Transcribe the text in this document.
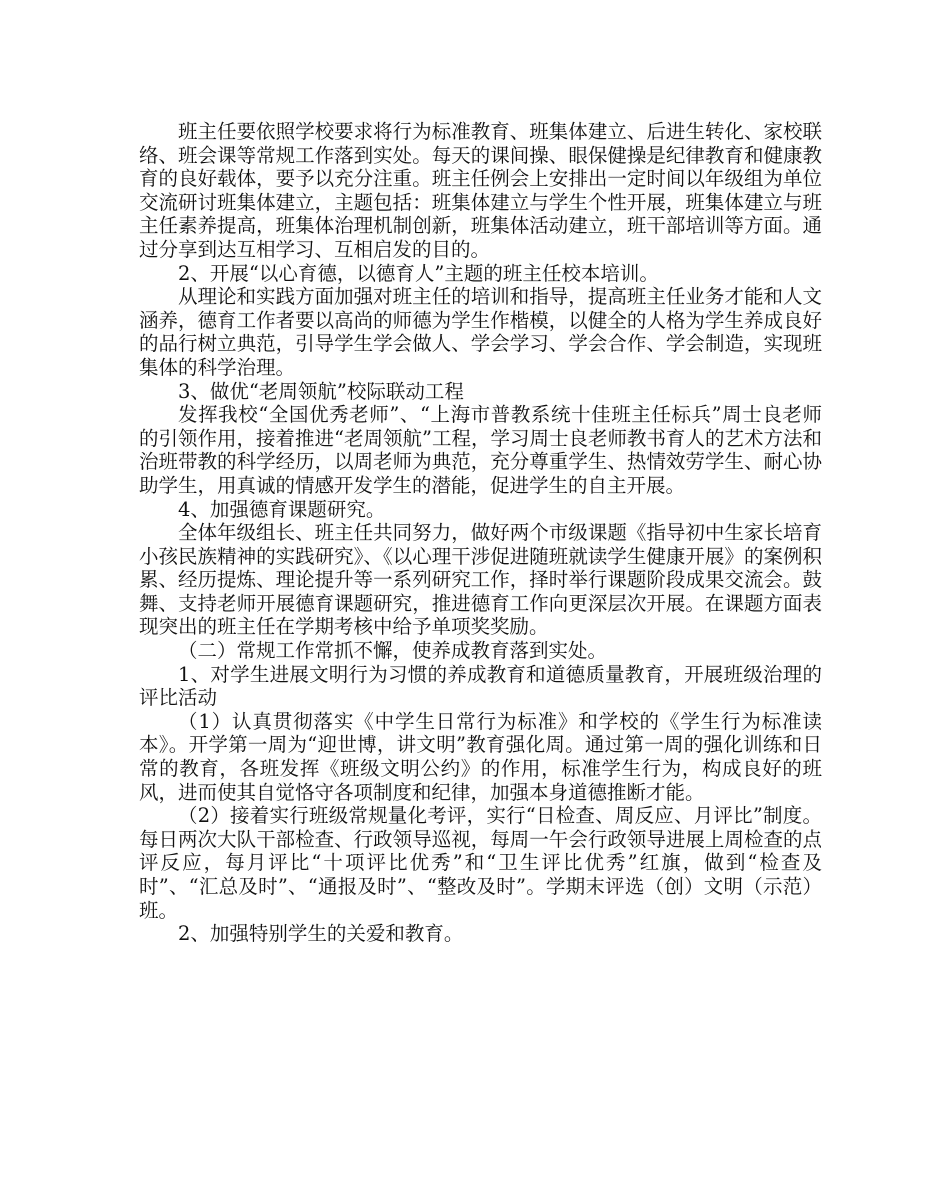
班主任要依照学校要求将行为标准教育、班集体建立、后进生转化、家校联络、班会课等常规工作落到实处。每天的课间操、眼保健操是纪律教育和健康教育的良好载体，要予以充分注重。班主任例会上安排出一定时间以年级组为单位交流研讨班集体建立，主题包括：班集体建立与学生个性开展，班集体建立与班主任素养提高，班集体治理机制创新，班集体活动建立，班干部培训等方面。通过分享到达互相学习、互相启发的目的。

2、开展“以心育德，以德育人”主题的班主任校本培训。

从理论和实践方面加强对班主任的培训和指导，提高班主任业务才能和人文涵养，德育工作者要以高尚的师德为学生作楷模，以健全的人格为学生养成良好的品行树立典范，引导学生学会做人、学会学习、学会合作、学会制造，实现班集体的科学治理。

3、做优“老周领航”校际联动工程

发挥我校“全国优秀老师”、“上海市普教系统十佳班主任标兵”周士良老师的引领作用，接着推进“老周领航”工程，学习周士良老师教书育人的艺术方法和治班带教的科学经历，以周老师为典范，充分尊重学生、热情效劳学生、耐心协助学生，用真诚的情感开发学生的潜能，促进学生的自主开展。

4、加强德育课题研究。

全体年级组长、班主任共同努力，做好两个市级课题《指导初中生家长培育小孩民族精神的实践研究》、《以心理干涉促进随班就读学生健康开展》的案例积累、经历提炼、理论提升等一系列研究工作，择时举行课题阶段成果交流会。鼓舞、支持老师开展德育课题研究，推进德育工作向更深层次开展。在课题方面表现突出的班主任在学期考核中给予单项奖奖励。

（二）常规工作常抓不懈，使养成教育落到实处。

1、对学生进展文明行为习惯的养成教育和道德质量教育，开展班级治理的评比活动

（1）认真贯彻落实《中学生日常行为标准》和学校的《学生行为标准读本》。开学第一周为“迎世博，讲文明”教育强化周。通过第一周的强化训练和日常的教育，各班发挥《班级文明公约》的作用，标准学生行为，构成良好的班风，进而使其自觉恪守各项制度和纪律，加强本身道德推断才能。

（2）接着实行班级常规量化考评，实行“日检查、周反应、月评比”制度。每日两次大队干部检查、行政领导巡视，每周一午会行政领导进展上周检查的点评反应，每月评比“十项评比优秀”和“卫生评比优秀”红旗，做到“检查及时”、“汇总及时”、“通报及时”、“整改及时”。学期末评选（创）文明（示范）班。

2、加强特别学生的关爱和教育。
